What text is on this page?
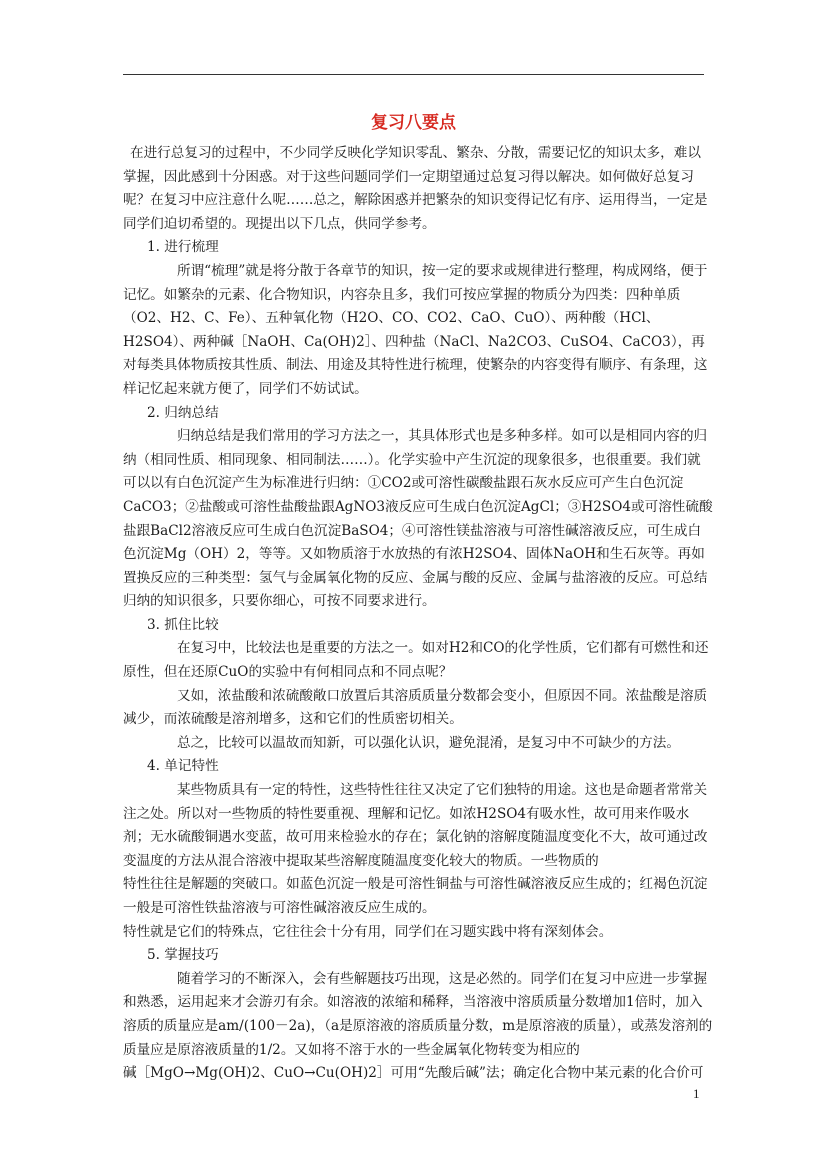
复习八要点

在进行总复习的过程中，不少同学反映化学知识零乱、繁杂、分散，需要记忆的知识太多，难以掌握，因此感到十分困惑。对于这些问题同学们一定期望通过总复习得以解决。如何做好总复习呢？在复习中应注意什么呢……总之，解除困惑并把繁杂的知识变得记忆有序、运用得当，一定是同学们迫切希望的。现提出以下几点，供同学参考。

1. 进行梳理

所谓“梳理”就是将分散于各章节的知识，按一定的要求或规律进行整理，构成网络，便于记忆。如繁杂的元素、化合物知识，内容杂且多，我们可按应掌握的物质分为四类：四种单质（O2、H2、C、Fe）、五种氧化物（H2O、CO、CO2、CaO、CuO）、两种酸（HCl、H2SO4）、两种碱［NaOH、Ca(OH)2］、四种盐（NaCl、Na2CO3、CuSO4、CaCO3），再对每类具体物质按其性质、制法、用途及其特性进行梳理，使繁杂的内容变得有顺序、有条理，这样记忆起来就方便了，同学们不妨试试。

2. 归纳总结

归纳总结是我们常用的学习方法之一，其具体形式也是多种多样。如可以是相同内容的归纳（相同性质、相同现象、相同制法……）。化学实验中产生沉淀的现象很多，也很重要。我们就可以以有白色沉淀产生为标准进行归纳：①CO2或可溶性碳酸盐跟石灰水反应可产生白色沉淀CaCO3；②盐酸或可溶性盐酸盐跟AgNO3液反应可生成白色沉淀AgCl；③H2SO4或可溶性硫酸盐跟BaCl2溶液反应可生成白色沉淀BaSO4；④可溶性镁盐溶液与可溶性碱溶液反应，可生成白色沉淀Mg（OH）2，等等。又如物质溶于水放热的有浓H2SO4、固体NaOH和生石灰等。再如置换反应的三种类型：氢气与金属氧化物的反应、金属与酸的反应、金属与盐溶液的反应。可总结归纳的知识很多，只要你细心，可按不同要求进行。

3. 抓住比较

在复习中，比较法也是重要的方法之一。如对H2和CO的化学性质，它们都有可燃性和还原性，但在还原CuO的实验中有何相同点和不同点呢？

又如，浓盐酸和浓硫酸敞口放置后其溶质质量分数都会变小，但原因不同。浓盐酸是溶质减少，而浓硫酸是溶剂增多，这和它们的性质密切相关。

总之，比较可以温故而知新，可以强化认识，避免混淆，是复习中不可缺少的方法。

4. 单记特性

某些物质具有一定的特性，这些特性往往又决定了它们独特的用途。这也是命题者常常关注之处。所以对一些物质的特性要重视、理解和记忆。如浓H2SO4有吸水性，故可用来作吸水剂；无水硫酸铜遇水变蓝，故可用来检验水的存在；氯化钠的溶解度随温度变化不大，故可通过改变温度的方法从混合溶液中提取某些溶解度随温度变化较大的物质。一些物质的

特性往往是解题的突破口。如蓝色沉淀一般是可溶性铜盐与可溶性碱溶液反应生成的；红褐色沉淀一般是可溶性铁盐溶液与可溶性碱溶液反应生成的。

特性就是它们的特殊点，它往往会十分有用，同学们在习题实践中将有深刻体会。

5. 掌握技巧

随着学习的不断深入，会有些解题技巧出现，这是必然的。同学们在复习中应进一步掌握和熟悉，运用起来才会游刃有余。如溶液的浓缩和稀释，当溶液中溶质质量分数增加1倍时，加入溶质的质量应是am/(100－2a)，（a是原溶液的溶质质量分数，m是原溶液的质量），或蒸发溶剂的质量应是原溶液质量的1/2。又如将不溶于水的一些金属氧化物转变为相应的

碱［MgO→Mg(OH)2、CuO→Cu(OH)2］可用“先酸后碱”法；确定化合物中某元素的化合价可

1
